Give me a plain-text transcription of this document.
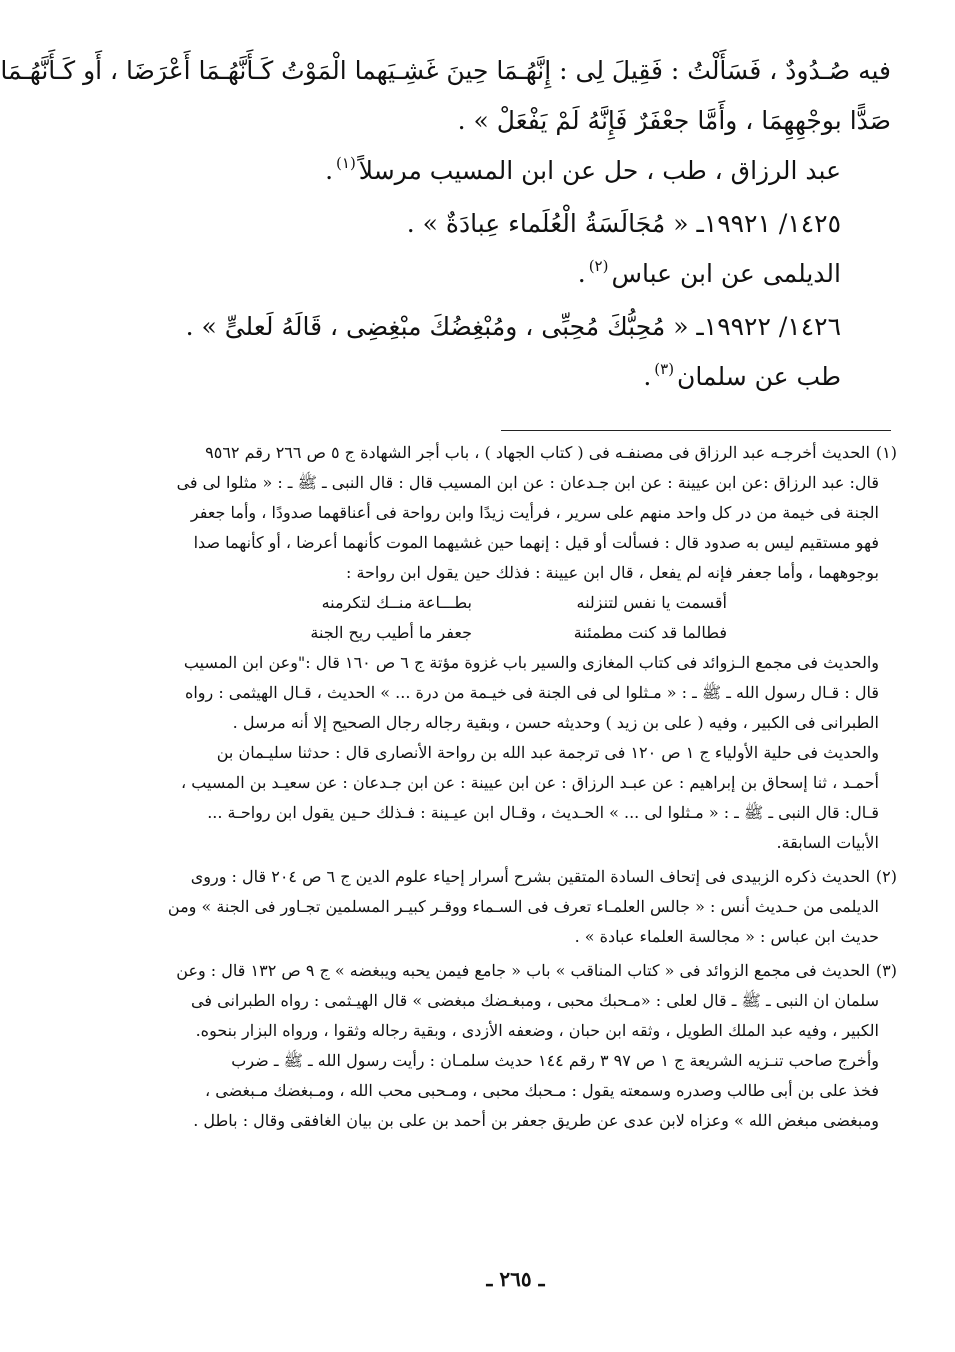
فيه صُـدُودٌ ، فَسَأَلْتُ : فَقِيلَ لِى : إِنَّهُـمَا حِينَ غَشِـيَهما الْمَوْتُ كَـأَنَّهُـمَا أَعْرَضَا ، أَو كَـأَنَّهُـمَا
صَدًّا بوجْهِهِمَا ، وأَمَّا جعْفَرٌ فَإِنَّهُ لَمْ يَفْعَلْ » .
عبد الرزاق ، طب ، حل عن ابن المسيب مرسلاً$^{(١)}$.
١٤٢٥/ ١٩٩٢١ـ « مُجَالَسَةُ الْعُلَماء عِبادَةٌ » .
الديلمى عن ابن عباس$^{(٢)}$.
١٤٢٦/ ١٩٩٢٢ـ « مُحِبُّكَ مُحِبِّى ، ومُبْغِضُكَ مبْغِضِى ، قَالَهُ لَعلىٍّ » .
طب عن سلمان$^{(٣)}$.
(١)الحديث أخرجـه عبد الرزاق فى مصنفـه فى ( كتاب الجهاد ) ، باب أجر الشهادة ج ٥ ص ٢٦٦ رقم ٩٥٦٢
قال: عبد الرزاق :عن ابن عيينة : عن ابن جـدعان : عن ابن المسيب قال : قال النبى ـ ﷺ ـ : « مثلوا لى فى
الجنة فى خيمة من در كل واحد منهم على سرير ، فرأيت زيدًا وابن رواحة فى أعناقهما صدودًا ، وأما جعفر
فهو مستقيم ليس به صدود قال : فسألت أو قيل : إنهما حين غشيهما الموت كأنهما أعرضا ، أو كأنهما صدا
بوجوههما ، وأما جعفر فإنه لم يفعل ، قال ابن عيينة : فذلك حين يقول ابن رواحة :
أقسمت يا نفس لتنزلنه
بطـــاعة منــك لتكرمنه
فطالما قد كنت مطمئنة
جعفر ما أطيب ريح الجنة
والحديث فى مجمع الـزوائد فى كتاب المغازى والسير باب غزوة مؤتة ج ٦ ص ١٦٠ قال :"وعن ابن المسيب
قال : قـال رسول الله ـ ﷺ ـ : « مـثلوا لى فى الجنة فى خيـمة من درة ... » الحديث ، قـال الهيثمى : رواه
الطبرانى فى الكبير ، وفيه ( على بن زيد ) وحديثه حسن ، وبقية رجاله رجال الصحيح إلا أنه مرسل .
والحديث فى حلية الأولياء ج ١ ص ١٢٠ فى ترجمة عبد الله بن رواحة الأنصارى قال : حدثنا سليـمان بن
أحمـد ، ثنا إسحاق بن إبراهيم : عن عبـد الرزاق : عن ابن عيينة : عن ابن جـدعان : عن سعيـد بن المسيب ،
قـال: قال النبى ـ ﷺ ـ : « مـثلوا لى ... » الحـديث ، وقـال ابن عيـينة : فـذلك حـين يقول ابن رواحـة ...
الأبيات السابقة.
(٢)الحديث ذكره الزبيدى فى إتحاف السادة المتقين بشرح أسرار إحياء علوم الدين ج ٦ ص ٢٠٤ قال : وروى
الديلمى من حـديث أنس : « جالس العلمـاء تعرف فى السـماء ووقـر كبيـر المسلمين تجـاور فى الجنة » ومن
حديث ابن عباس : « مجالسة العلماء عبادة » .
(٣)الحديث فى مجمع الزوائد فى « كتاب المناقب » باب « جامع فيمن يحبه ويبغضه » ج ٩ ص ١٣٢ قال : وعن
سلمان ان النبى ـ ﷺ ـ قال لعلى : «مـحبك محبى ، ومبغـضك مبغضى » قال الهيـثمى : رواه الطبرانى فى
الكبير ، وفيه عبد الملك الطويل ، وثقه ابن حبان ، وضعفه الأزدى ، وبقية رجاله وثقوا ، ورواه البزار بنحوه.
وأخرج صاحب تنـزيه الشريعة ج ١ ص ٩٧ ٣ رقم ١٤٤ حديث سلمـان : رأيت رسول الله ـ ﷺ ـ ضرب
فخذ على بن أبى طالب وصدره وسمعته يقول : مـحبك محبى ، ومـحبى محب الله ، ومـبغضك مـبغضى ،
ومبغضى مبغض الله » وعزاه لابن عدى عن طريق جعفر بن أحمد بن على بن بيان الغافقى وقال : باطل .
ـ ٢٦٥ ـ
